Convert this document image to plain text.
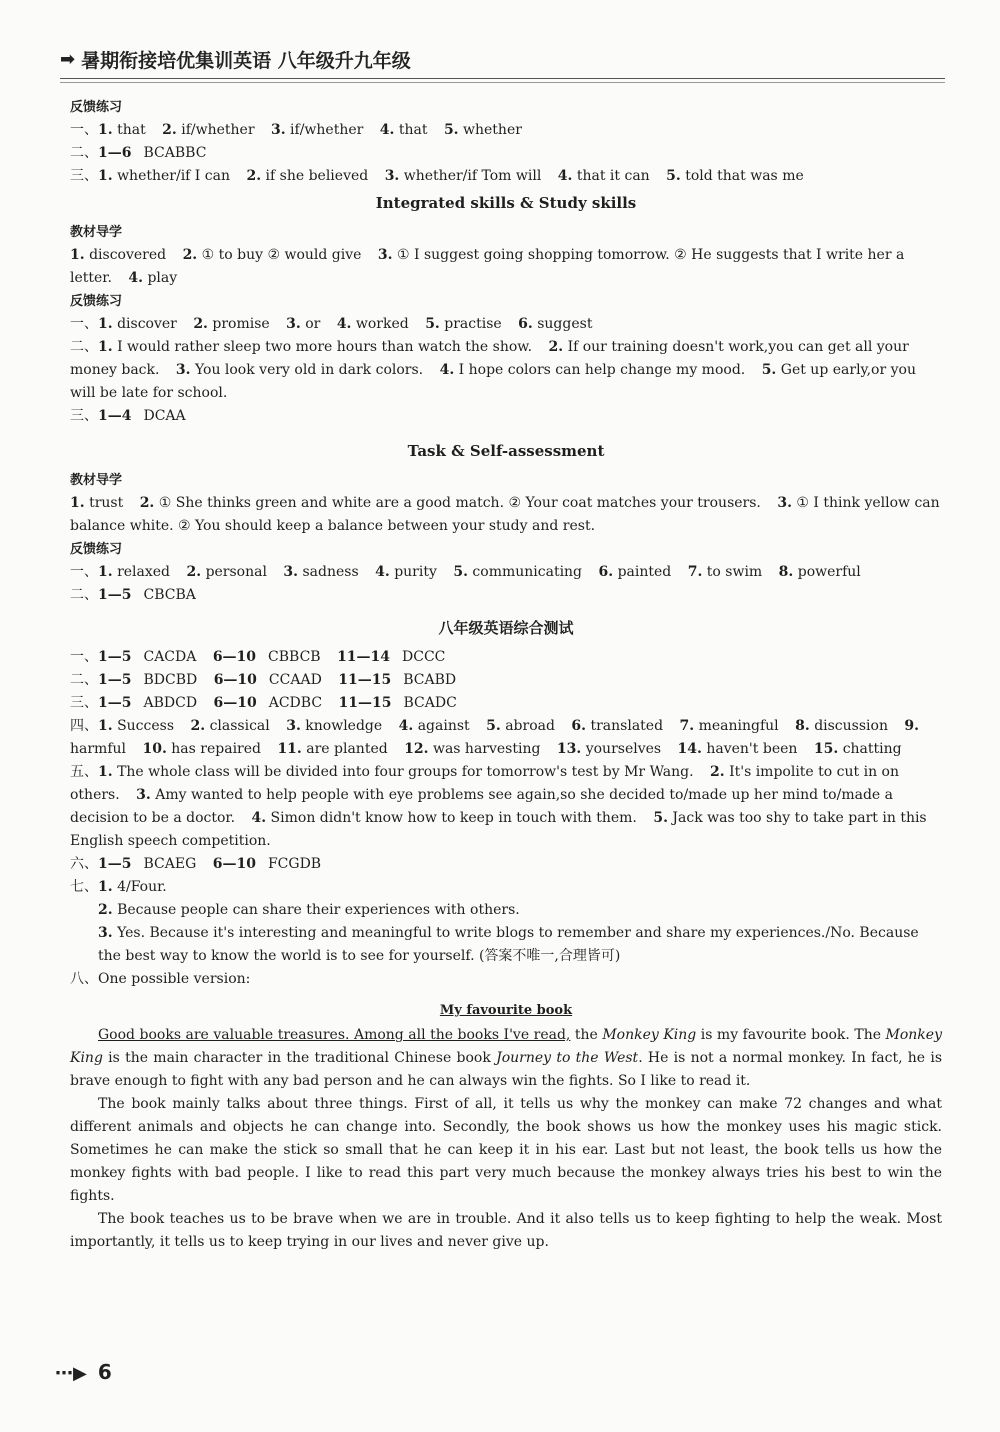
➡ 暑期衔接培优集训英语 八年级升九年级
反馈练习
一、1. that 2. if/whether 3. if/whether 4. that 5. whether
二、1—6 BCABBC
三、1. whether/if I can 2. if she believed 3. whether/if Tom will 4. that it can 5. told that was me
Integrated skills & Study skills
教材导学
1. discovered 2. ① to buy ② would give 3. ① I suggest going shopping tomorrow. ② He suggests that I write her a letter. 4. play
反馈练习
一、1. discover 2. promise 3. or 4. worked 5. practise 6. suggest
二、1. I would rather sleep two more hours than watch the show. 2. If our training doesn't work,you can get all your money back. 3. You look very old in dark colors. 4. I hope colors can help change my mood. 5. Get up early,or you will be late for school.
三、1—4 DCAA
Task & Self-assessment
教材导学
1. trust 2. ① She thinks green and white are a good match. ② Your coat matches your trousers. 3. ① I think yellow can balance white. ② You should keep a balance between your study and rest.
反馈练习
一、1. relaxed 2. personal 3. sadness 4. purity 5. communicating 6. painted 7. to swim 8. powerful
二、1—5 CBCBA
八年级英语综合测试
一、1—5 CACDA 6—10 CBBCB 11—14 DCCC
二、1—5 BDCBD 6—10 CCAAD 11—15 BCABD
三、1—5 ABDCD 6—10 ACDBC 11—15 BCADC
四、1. Success 2. classical 3. knowledge 4. against 5. abroad 6. translated 7. meaningful 8. discussion 9. harmful 10. has repaired 11. are planted 12. was harvesting 13. yourselves 14. haven't been 15. chatting
五、1. The whole class will be divided into four groups for tomorrow's test by Mr Wang. 2. It's impolite to cut in on others. 3. Amy wanted to help people with eye problems see again,so she decided to/made up her mind to/made a decision to be a doctor. 4. Simon didn't know how to keep in touch with them. 5. Jack was too shy to take part in this English speech competition.
六、1—5 BCAEG 6—10 FCGDB
七、1. 4/Four.
2. Because people can share their experiences with others.
3. Yes. Because it's interesting and meaningful to write blogs to remember and share my experiences./No. Because the best way to know the world is to see for yourself. (答案不唯一,合理皆可)
八、One possible version:
My favourite book
Good books are valuable treasures. Among all the books I've read, the Monkey King is my favourite book. The Monkey King is the main character in the traditional Chinese book Journey to the West. He is not a normal monkey. In fact, he is brave enough to fight with any bad person and he can always win the fights. So I like to read it.
The book mainly talks about three things. First of all, it tells us why the monkey can make 72 changes and what different animals and objects he can change into. Secondly, the book shows us how the monkey uses his magic stick. Sometimes he can make the stick so small that he can keep it in his ear. Last but not least, the book tells us how the monkey fights with bad people. I like to read this part very much because the monkey always tries his best to win the fights.
The book teaches us to be brave when we are in trouble. And it also tells us to keep fighting to help the weak. Most importantly, it tells us to keep trying in our lives and never give up.
⋯▶ 6
